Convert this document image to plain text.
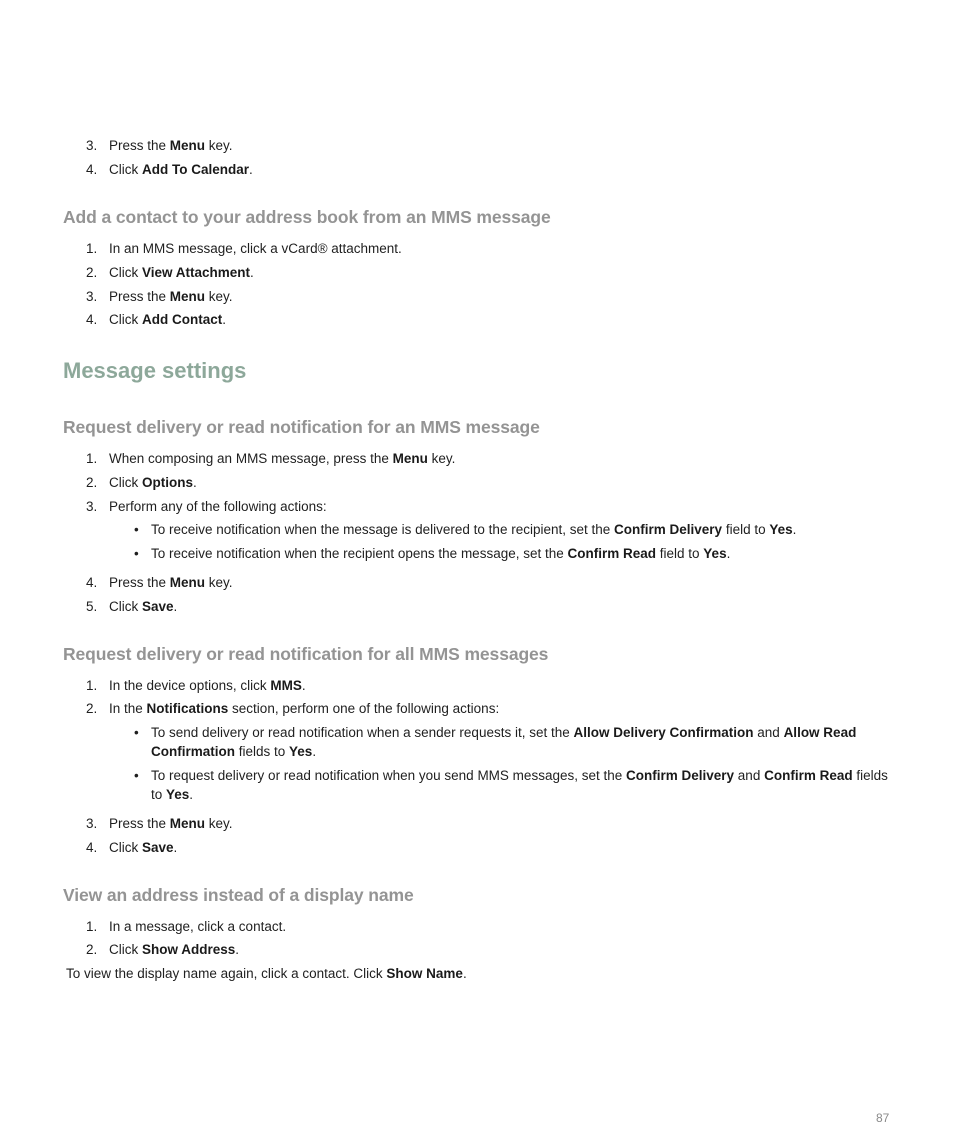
3. Press the Menu key.
4. Click Add To Calendar.
Add a contact to your address book from an MMS message
1. In an MMS message, click a vCard® attachment.
2. Click View Attachment.
3. Press the Menu key.
4. Click Add Contact.
Message settings
Request delivery or read notification for an MMS message
1. When composing an MMS message, press the Menu key.
2. Click Options.
3. Perform any of the following actions:
• To receive notification when the message is delivered to the recipient, set the Confirm Delivery field to Yes.
• To receive notification when the recipient opens the message, set the Confirm Read field to Yes.
4. Press the Menu key.
5. Click Save.
Request delivery or read notification for all MMS messages
1. In the device options, click MMS.
2. In the Notifications section, perform one of the following actions:
• To send delivery or read notification when a sender requests it, set the Allow Delivery Confirmation and Allow Read
Confirmation fields to Yes.
• To request delivery or read notification when you send MMS messages, set the Confirm Delivery and Confirm Read fields
to Yes.
3. Press the Menu key.
4. Click Save.
View an address instead of a display name
1. In a message, click a contact.
2. Click Show Address.
To view the display name again, click a contact. Click Show Name.
87
